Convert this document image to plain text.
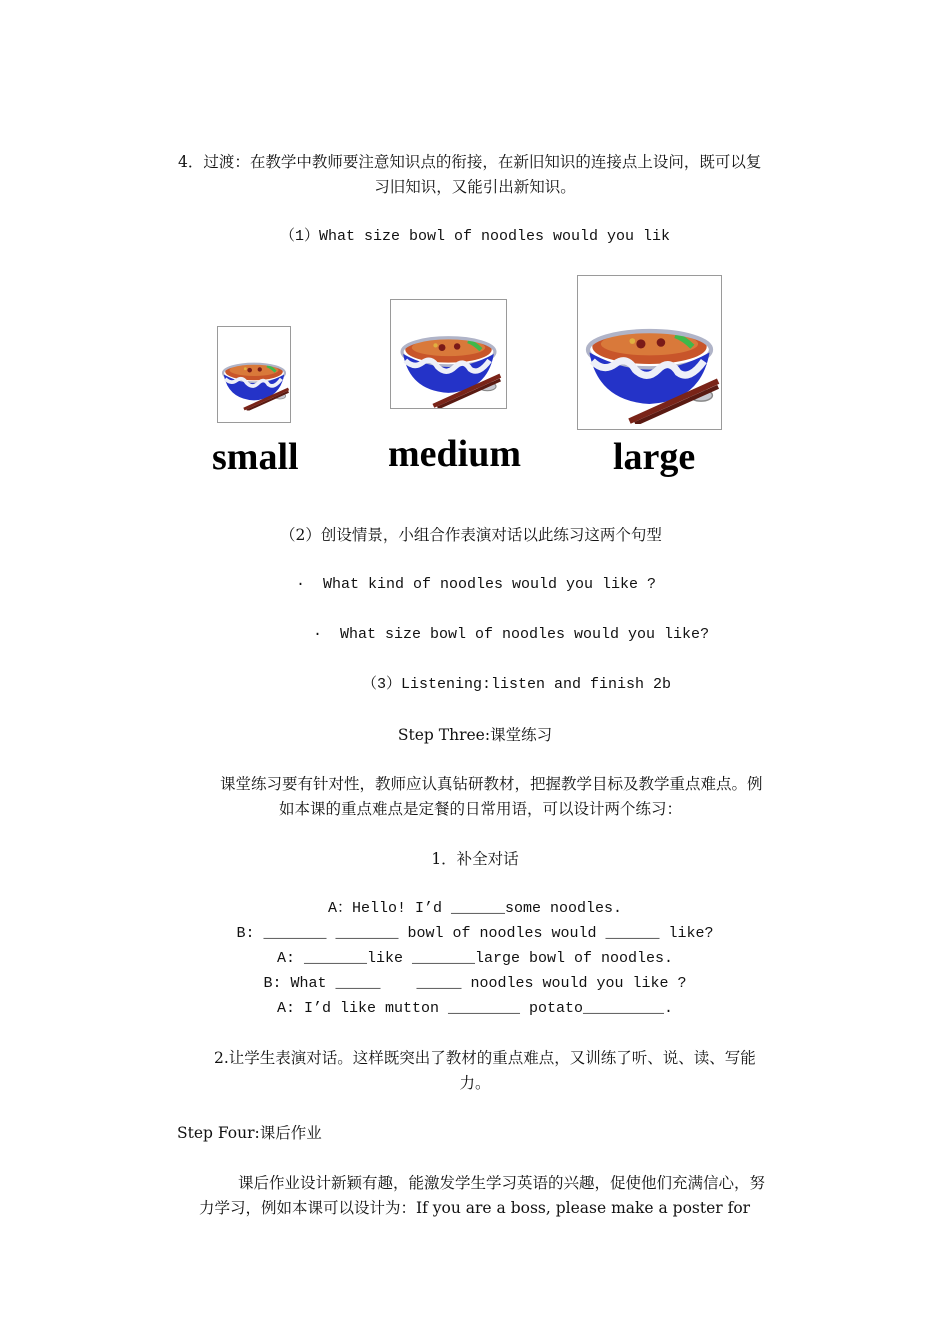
4．过渡：在教学中教师要注意知识点的衔接，在新旧知识的连接点上设问，既可以复
习旧知识，又能引出新知识。
（1）What size bowl of noodles would you lik
small medium large
（2）创设情景，小组合作表演对话以此练习这两个句型
·  What kind of noodles would you like ?
·  What size bowl of noodles would you like?
（3）Listening:listen and finish 2b
Step Three:课堂练习
课堂练习要有针对性，教师应认真钻研教材，把握教学目标及教学重点难点。例
如本课的重点难点是定餐的日常用语，可以设计两个练习：
1．补全对话
A：Hello! I’d ______some noodles.
B: _______ _______ bowl of noodles would ______ like?
A: _______like _______large bowl of noodles.
B: What _____    _____ noodles would you like ?
A: I’d like mutton ________ potato_________.
2.让学生表演对话。这样既突出了教材的重点难点，又训练了听、说、读、写能
力。
Step Four:课后作业
课后作业设计新颖有趣，能激发学生学习英语的兴趣，促使他们充满信心，努
力学习，例如本课可以设计为：If you are a boss, please make a poster for
